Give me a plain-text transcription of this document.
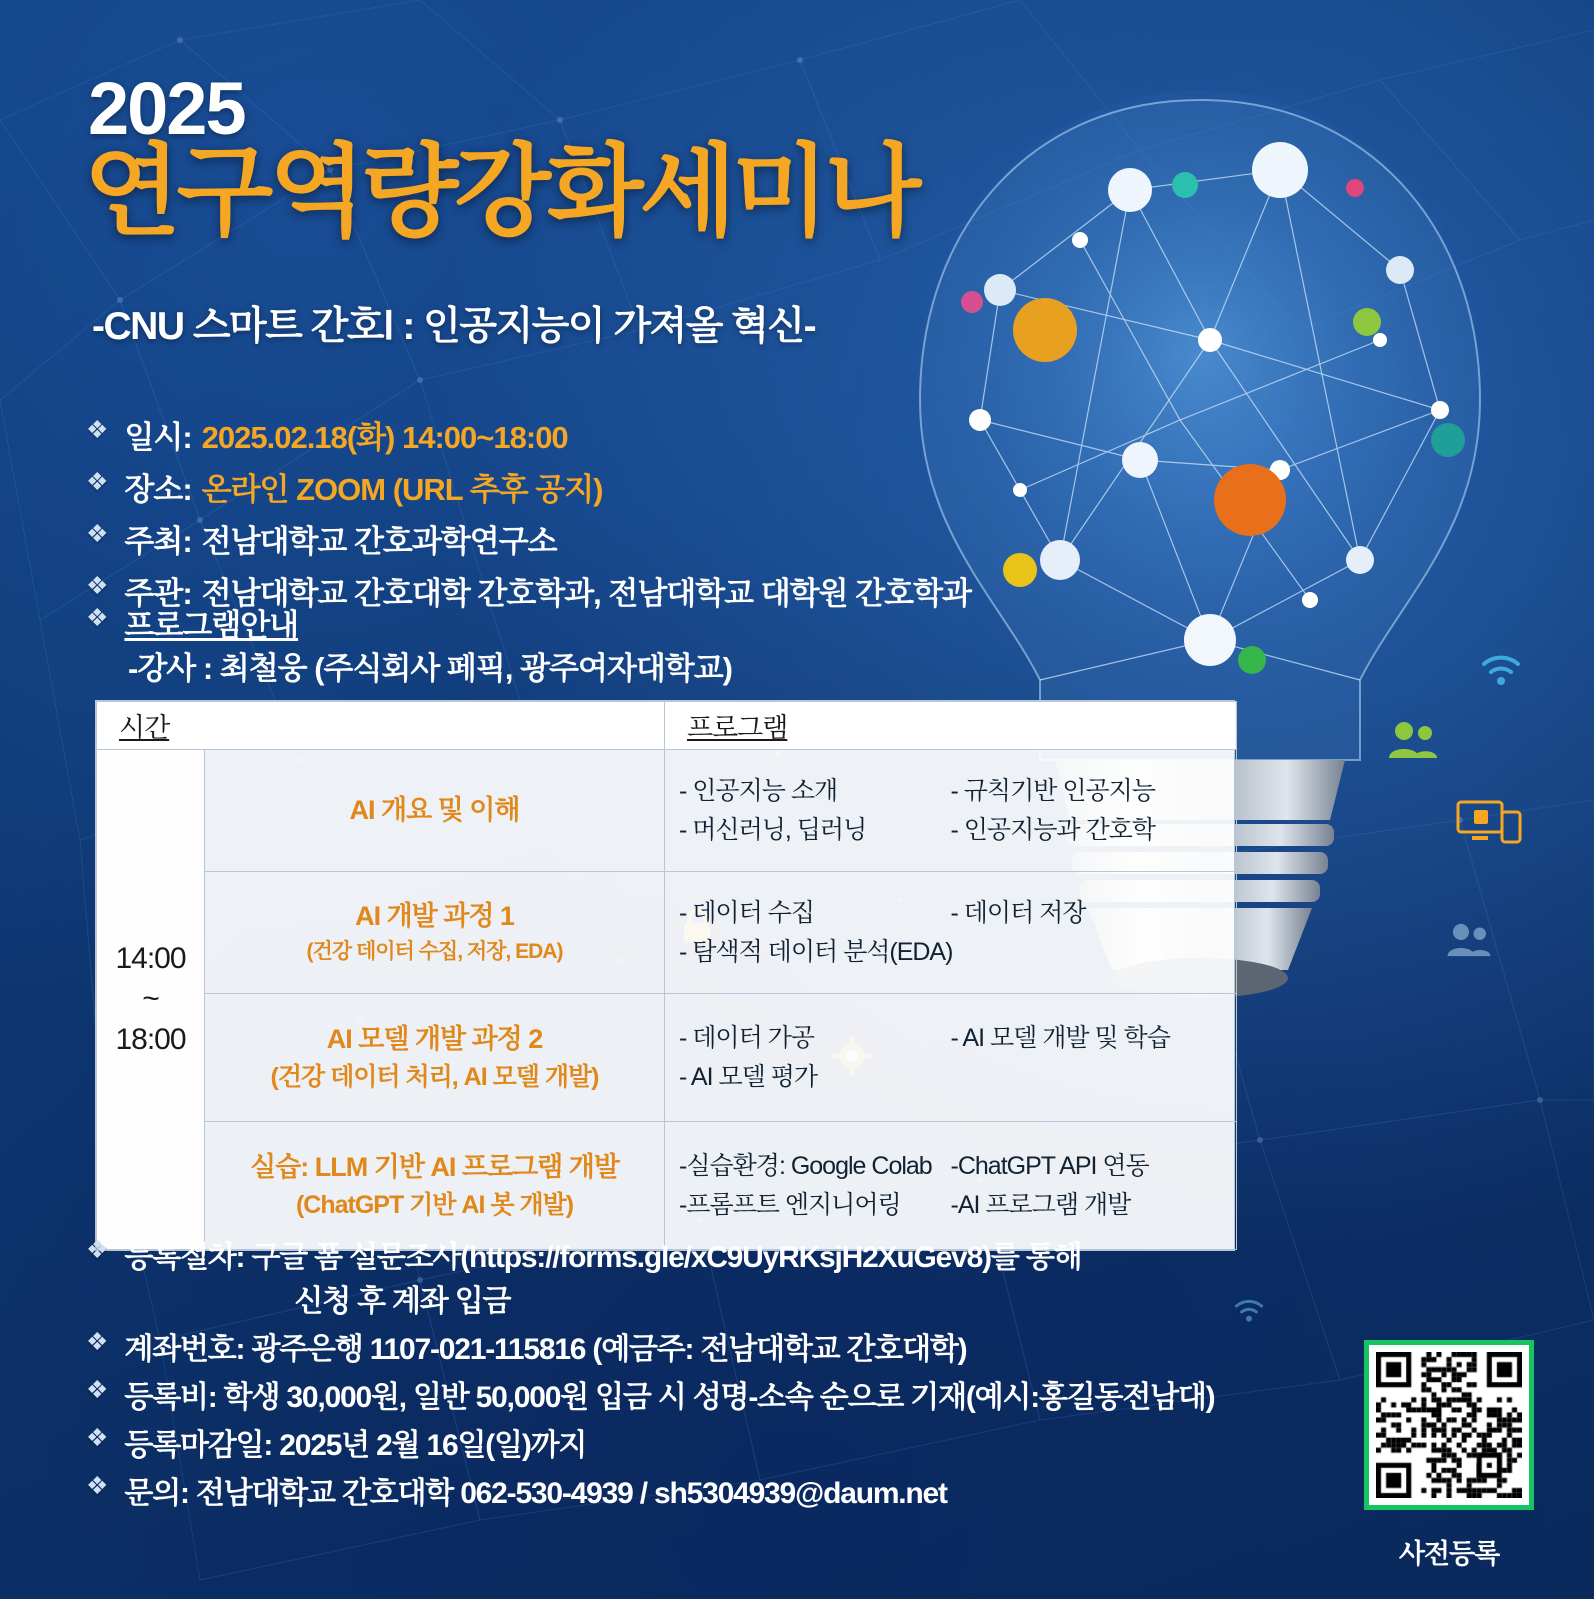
2025
연구역량강화세미나
-CNU 스마트 간호Ⅰ : 인공지능이 가져올 혁신-
❖ 일시: 2025.02.18(화) 14:00~18:00
❖ 장소: 온라인 ZOOM (URL 추후 공지)
❖ 주최: 전남대학교 간호과학연구소
❖ 주관: 전남대학교 간호대학 간호학과, 전남대학교 대학원 간호학과
❖ 프로그램안내
-강사 : 최철웅 (주식회사 페픽, 광주여자대학교)
시간		프로그램

14:00
~
18:00
	AI 개요 및 이해	
- 인공지능 소개	- 규칙기반 인공지능
- 머신러닝, 딥러닝	- 인공지능과 간호학

	AI 개발 과정 1
(건강 데이터 수집, 저장, EDA)	- 데이터 수집 - 데이터 저장
- 탐색적 데이터 분석(EDA)

	AI 모델 개발 과정 2
(건강 데이터 처리, AI 모델 개발)	- 데이터 가공 - AI 모델 개발 및 학습
- AI 모델 평가

	실습: LLM 기반 AI 프로그램 개발
(ChatGPT 기반 AI 봇 개발)	-실습환경: Google Colab -ChatGPT API 연동
-프롬프트 엔지니어링 -AI 프로그램 개발
❖ 등록절차: 구글 폼 설문조사(https://forms.gle/xC9UyRKsjH2XuGev8)를 통해
신청 후 계좌 입금
❖ 계좌번호: 광주은행 1107-021-115816 (예금주: 전남대학교 간호대학)
❖ 등록비: 학생 30,000원, 일반 50,000원 입금 시 성명-소속 순으로 기재(예시:홍길동전남대)
❖ 등록마감일: 2025년 2월 16일(일)까지
❖ 문의: 전남대학교 간호대학 062-530-4939 / sh5304939@daum.net
사전등록
